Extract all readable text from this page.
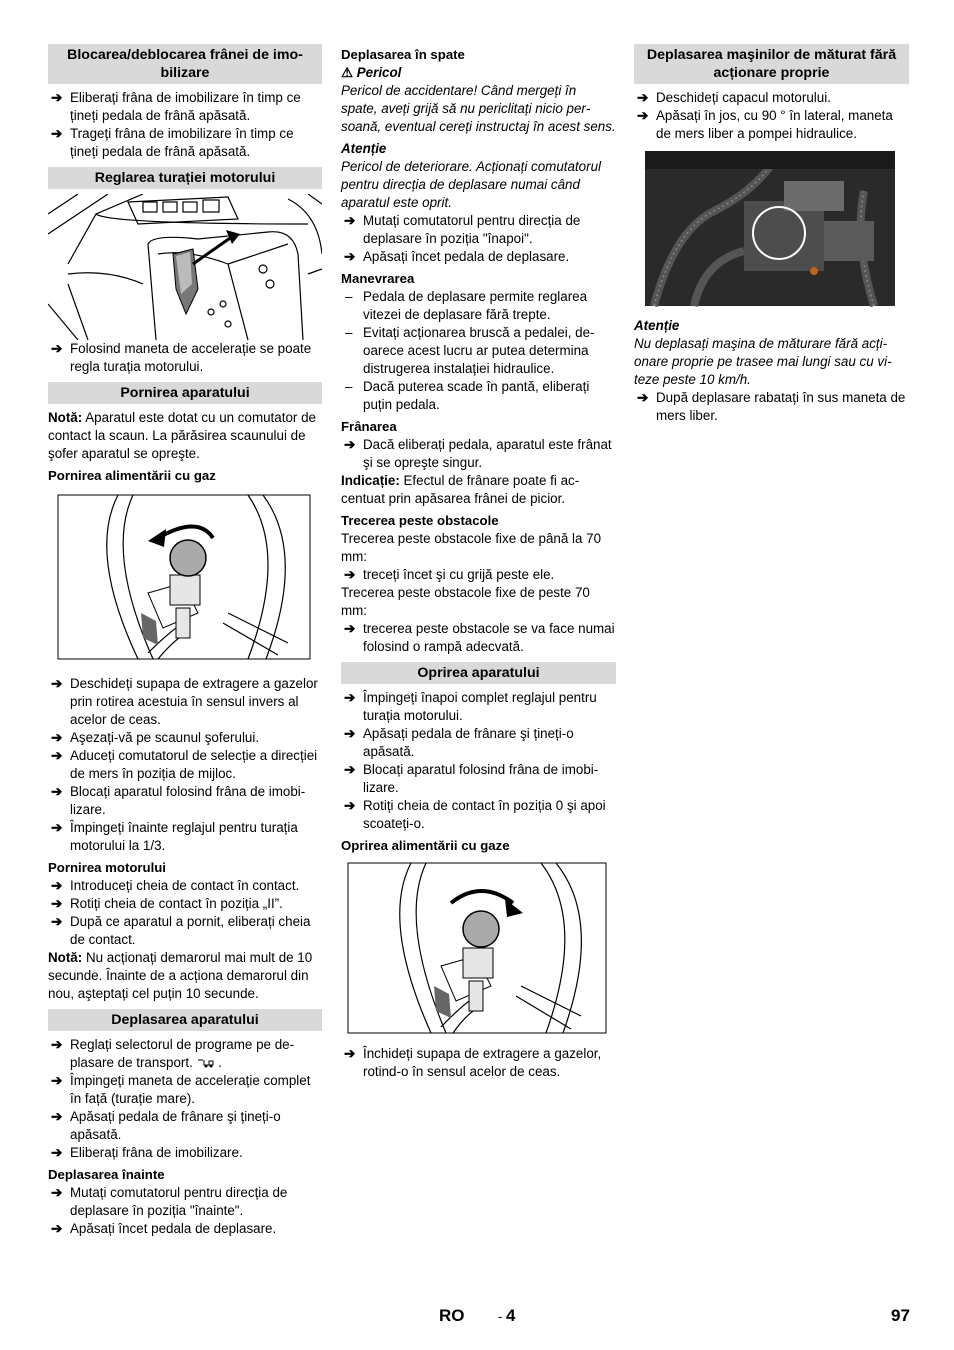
Blocarea/deblocarea frânei de imobilizare

➔ Eliberați frâna de imobilizare în timp ce țineți pedala de frână apăsată.

➔ Trageți frâna de imobilizare în timp ce țineți pedala de frână apăsată.

Reglarea turației motorului

➔ Folosind maneta de accelerație se poate regla turația motorului.

Pornirea aparatului

Notă: Aparatul este dotat cu un comutator de contact la scaun. La părăsirea scaunului de şofer aparatul se opreşte.

Pornirea alimentării cu gaz

➔ Deschideți supapa de extragere a gazelor prin rotirea acestuia în sensul invers al acelor de ceas.

➔ Aşezați-vă pe scaunul şoferului.

➔ Aduceți comutatorul de selecție a direcției de mers în poziția de mijloc.

➔ Blocați aparatul folosind frâna de imobilizare.

➔ Împingeți înainte reglajul pentru turația motorului la 1/3.

Pornirea motorului

➔ Introduceți cheia de contact în contact.

➔ Rotiți cheia de contact în poziția „II”.

➔ După ce aparatul a pornit, eliberați cheia de contact.

Notă: Nu acționați demarorul mai mult de 10 secunde. Înainte de a acționa demarorul din nou, aşteptați cel puțin 10 secunde.

Deplasarea aparatului

➔ Reglați selectorul de programe pe deplasare de transport.  .

➔ Împingeți maneta de accelerație complet în față (turație mare).

➔ Apăsați pedala de frânare şi țineți-o apăsată.

➔ Eliberați frâna de imobilizare.

Deplasarea înainte

➔ Mutați comutatorul pentru direcția de deplasare în poziția "înainte".

➔ Apăsați încet pedala de deplasare.

Deplasarea în spate
⚠ Pericol

Pericol de accidentare! Când mergeți în spate, aveți grijă să nu periclitați nicio persoană, eventual cereți instructaj în acest sens.

Atenție

Pericol de deteriorare. Acționați comutatorul pentru direcția de deplasare numai când aparatul este oprit.

➔ Mutați comutatorul pentru direcția de deplasare în poziția "înapoi".

➔ Apăsați încet pedala de deplasare.

Manevrarea

– Pedala de deplasare permite reglarea vitezei de deplasare fără trepte.

– Evitați acționarea bruscă a pedalei, deoarece acest lucru ar putea determina distrugerea instalației hidraulice.

– Dacă puterea scade în pantă, eliberați puțin pedala.

Frânarea

➔ Dacă eliberați pedala, aparatul este frânat şi se opreşte singur.

Indicație: Efectul de frânare poate fi accentuat prin apăsarea frânei de picior.

Trecerea peste obstacole

Trecerea peste obstacole fixe de până la 70 mm:

➔ treceți încet şi cu grijă peste ele.

Trecerea peste obstacole fixe de peste 70 mm:

➔ trecerea peste obstacole se va face numai folosind o rampă adecvată.

Oprirea aparatului

➔ Împingeți înapoi complet reglajul pentru turația motorului.

➔ Apăsați pedala de frânare şi țineți-o apăsată.

➔ Blocați aparatul folosind frâna de imobilizare.

➔ Rotiți cheia de contact în poziția 0 şi apoi scoateți-o.

Oprirea alimentării cu gaze

➔ Închideți supapa de extragere a gazelor, rotind-o în sensul acelor de ceas.

Deplasarea maşinilor de măturat fără acționare proprie

➔ Deschideți capacul motorului.

➔ Apăsați în jos, cu 90 ° în lateral, maneta de mers liber a pompei hidraulice.

Atenție

Nu deplasați maşina de măturare fără acționare proprie pe trasee mai lungi sau cu viteze peste 10 km/h.

➔ După deplasare rabatați în sus maneta de mers liber.

RO	- 4	97
